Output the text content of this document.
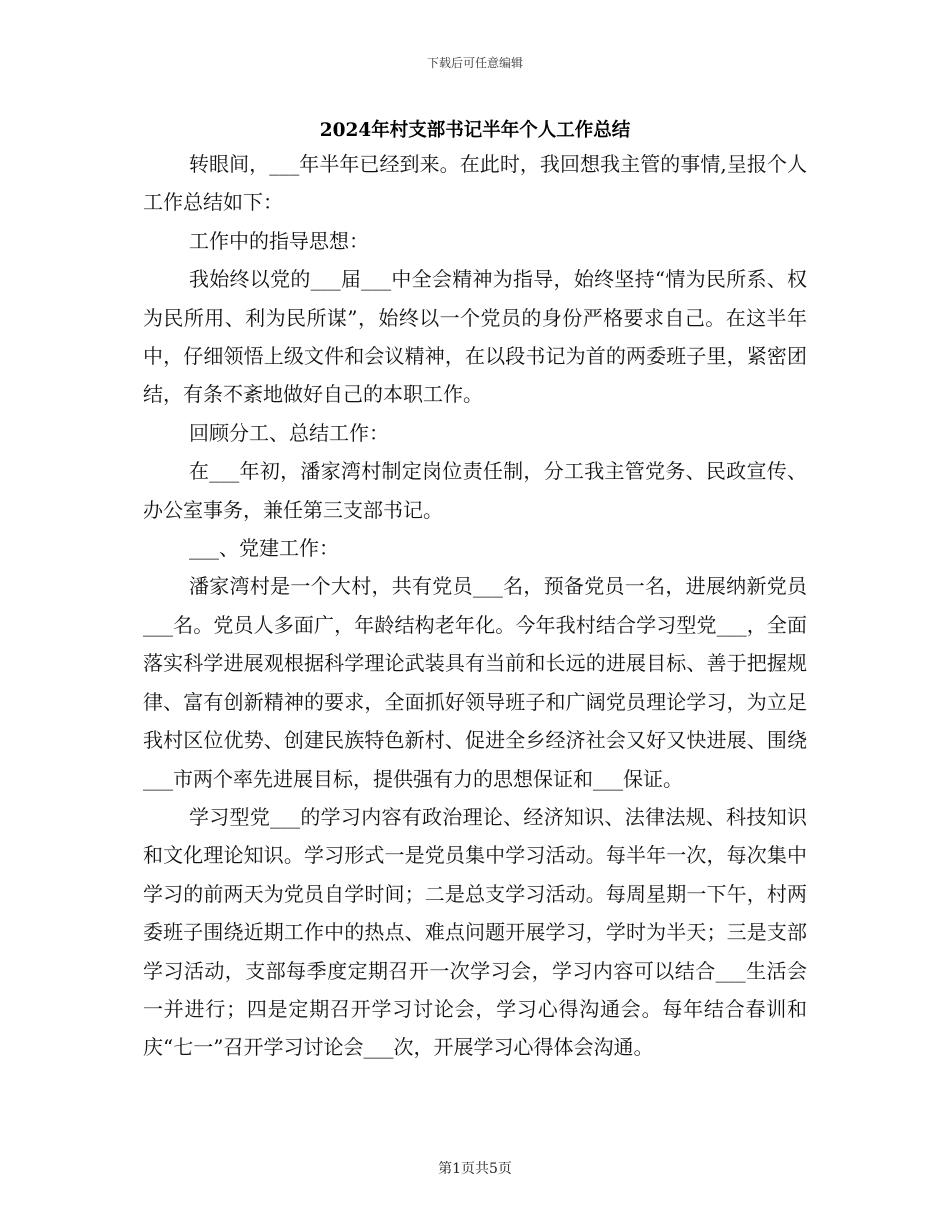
下载后可任意编辑
2024年村支部书记半年个人工作总结

转眼间，___年半年已经到来。在此时，我回想我主管的事情,呈报个人工作总结如下：

工作中的指导思想：

我始终以党的___届___中全会精神为指导，始终坚持“情为民所系、权为民所用、利为民所谋”，始终以一个党员的身份严格要求自己。在这半年中，仔细领悟上级文件和会议精神，在以段书记为首的两委班子里，紧密团结，有条不紊地做好自己的本职工作。

回顾分工、总结工作：

在___年初，潘家湾村制定岗位责任制，分工我主管党务、民政宣传、办公室事务，兼任第三支部书记。

___、党建工作：

潘家湾村是一个大村，共有党员___名，预备党员一名，进展纳新党员___名。党员人多面广，年龄结构老年化。今年我村结合学习型党___，全面落实科学进展观根据科学理论武装具有当前和长远的进展目标、善于把握规律、富有创新精神的要求，全面抓好领导班子和广阔党员理论学习，为立足我村区位优势、创建民族特色新村、促进全乡经济社会又好又快进展、围绕___市两个率先进展目标，提供强有力的思想保证和___保证。

学习型党___的学习内容有政治理论、经济知识、法律法规、科技知识和文化理论知识。学习形式一是党员集中学习活动。每半年一次，每次集中学习的前两天为党员自学时间；二是总支学习活动。每周星期一下午，村两委班子围绕近期工作中的热点、难点问题开展学习，学时为半天；三是支部学习活动，支部每季度定期召开一次学习会，学习内容可以结合___生活会一并进行；四是定期召开学习讨论会，学习心得沟通会。每年结合春训和庆“七一”召开学习讨论会___次，开展学习心得体会沟通。

第1页共5页
